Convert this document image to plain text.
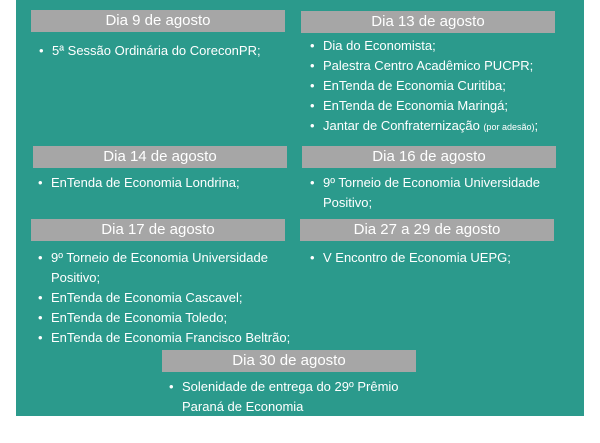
Dia 9 de agosto
• 5ª Sessão Ordinária do CoreconPR;
Dia 13 de agosto
• Dia do Economista;
• Palestra Centro Acadêmico PUCPR;
• EnTenda de Economia Curitiba;
• EnTenda de Economia Maringá;
• Jantar de Confraternização (por adesão);
Dia 14 de agosto
• EnTenda de Economia Londrina;
Dia 16 de agosto
• 9º Torneio de Economia Universidade Positivo;
Dia 17 de agosto
• 9º Torneio de Economia Universidade Positivo;
• EnTenda de Economia Cascavel;
• EnTenda de Economia Toledo;
• EnTenda de Economia Francisco Beltrão;
Dia 27 a 29 de agosto
• V Encontro de Economia UEPG;
Dia 30 de agosto
• Solenidade de entrega do 29º Prêmio Paraná de Economia
